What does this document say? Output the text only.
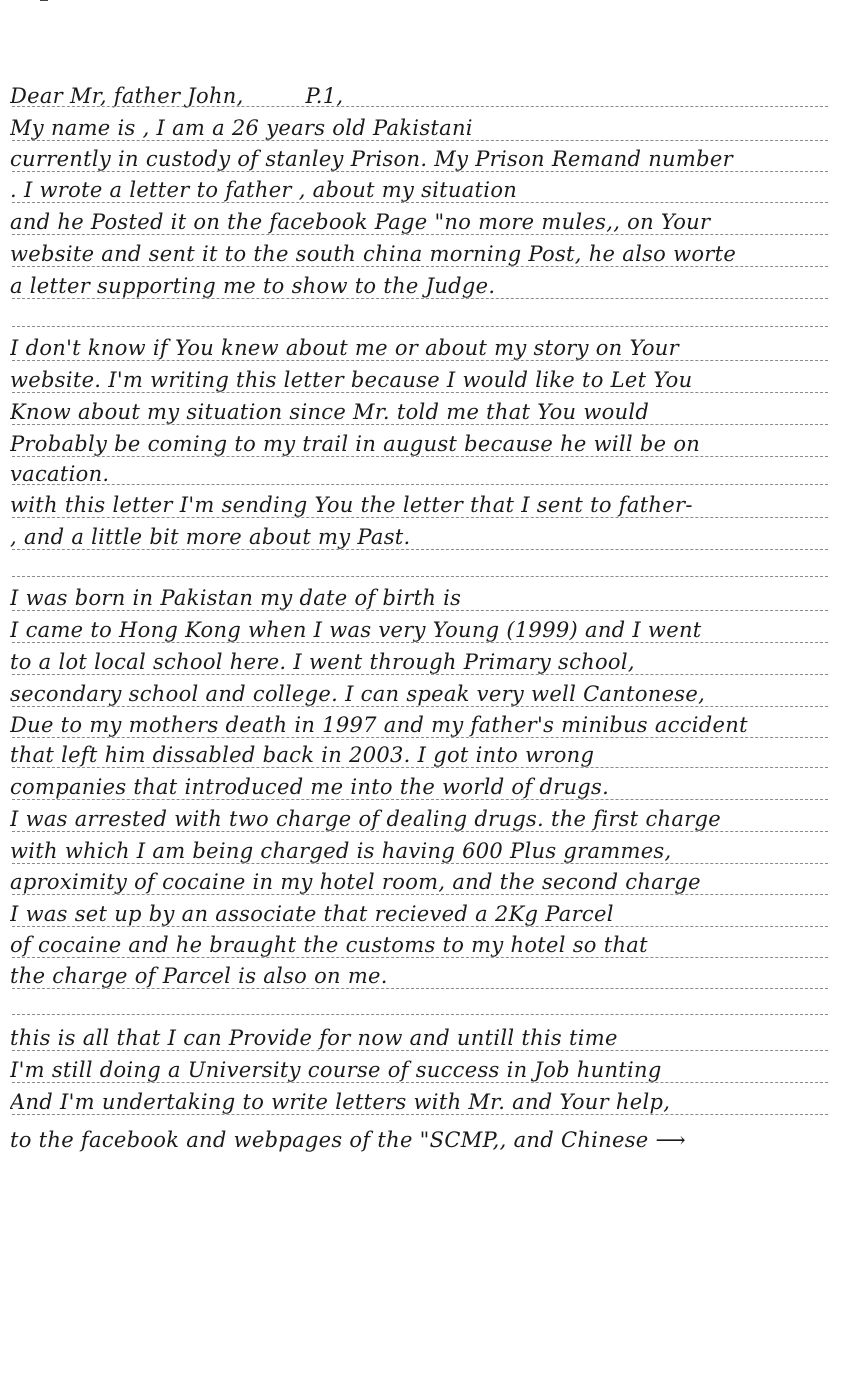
Dear Mr, father John,	P.1,
My name is , I am a 26 years old Pakistani
currently in custody of stanley Prison. My Prison Remand number
. I wrote a letter to father , about my situation
and he Posted it on the facebook Page "no more mules,, on Your
website and sent it to the south china morning Post, he also worte
a letter supporting me to show to the Judge.
I don't know if You knew about me or about my story on Your
website. I'm writing this letter because I would like to Let You
Know about my situation since Mr. told me that You would
Probably be coming to my trail in august because he will be on
vacation.
with this letter I'm sending You the letter that I sent to father-
, and a little bit more about my Past.
I was born in Pakistan my date of birth is
I came to Hong Kong when I was very Young (1999) and I went
to a lot local school here. I went through Primary school,
secondary school and college. I can speak very well Cantonese,
Due to my mothers death in 1997 and my father's minibus accident
that left him dissabled back in 2003. I got into wrong
companies that introduced me into the world of drugs.
I was arrested with two charge of dealing drugs. the first charge
with which I am being charged is having 600 Plus grammes,
aproximity of cocaine in my hotel room, and the second charge
I was set up by an associate that recieved a 2Kg Parcel
of cocaine and he braught the customs to my hotel so that
the charge of Parcel is also on me.
this is all that I can Provide for now and untill this time
I'm still doing a University course of success in Job hunting
And I'm undertaking to write letters with Mr. and Your help,
to the facebook and webpages of the "SCMP,, and Chinese ⟶
